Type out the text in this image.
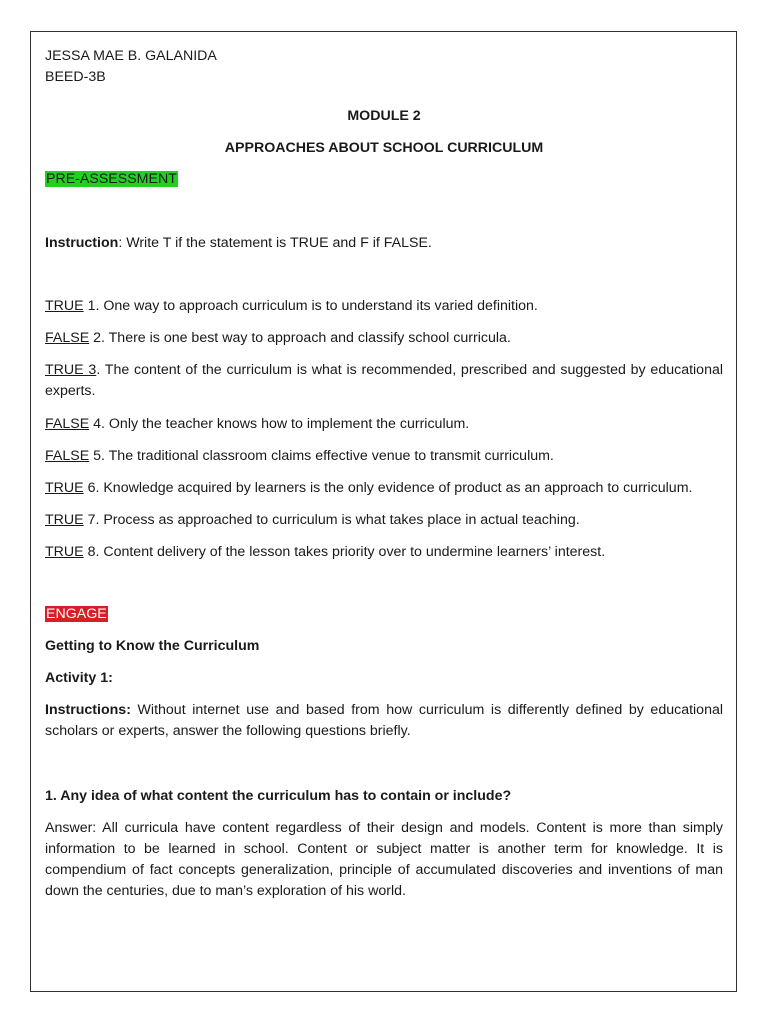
JESSA MAE B. GALANIDA
BEED-3B
MODULE 2
APPROACHES ABOUT SCHOOL CURRICULUM
PRE-ASSESSMENT
Instruction: Write T if the statement is TRUE and F if FALSE.
TRUE 1. One way to approach curriculum is to understand its varied definition.
FALSE 2. There is one best way to approach and classify school curricula.

TRUE 3. The content of the curriculum is what is recommended, prescribed and suggested by educational experts.

FALSE 4. Only the teacher knows how to implement the curriculum.
FALSE 5. The traditional classroom claims effective venue to transmit curriculum.
TRUE 6. Knowledge acquired by learners is the only evidence of product as an approach to curriculum.
TRUE 7. Process as approached to curriculum is what takes place in actual teaching.
TRUE 8. Content delivery of the lesson takes priority over to undermine learners’ interest.
ENGAGE
Getting to Know the Curriculum
Activity 1:

Instructions: Without internet use and based from how curriculum is differently defined by educational scholars or experts, answer the following questions briefly.

1. Any idea of what content the curriculum has to contain or include?

Answer: All curricula have content regardless of their design and models. Content is more than simply information to be learned in school. Content or subject matter is another term for knowledge. It is compendium of fact concepts generalization, principle of accumulated discoveries and inventions of man down the centuries, due to man’s exploration of his world.
